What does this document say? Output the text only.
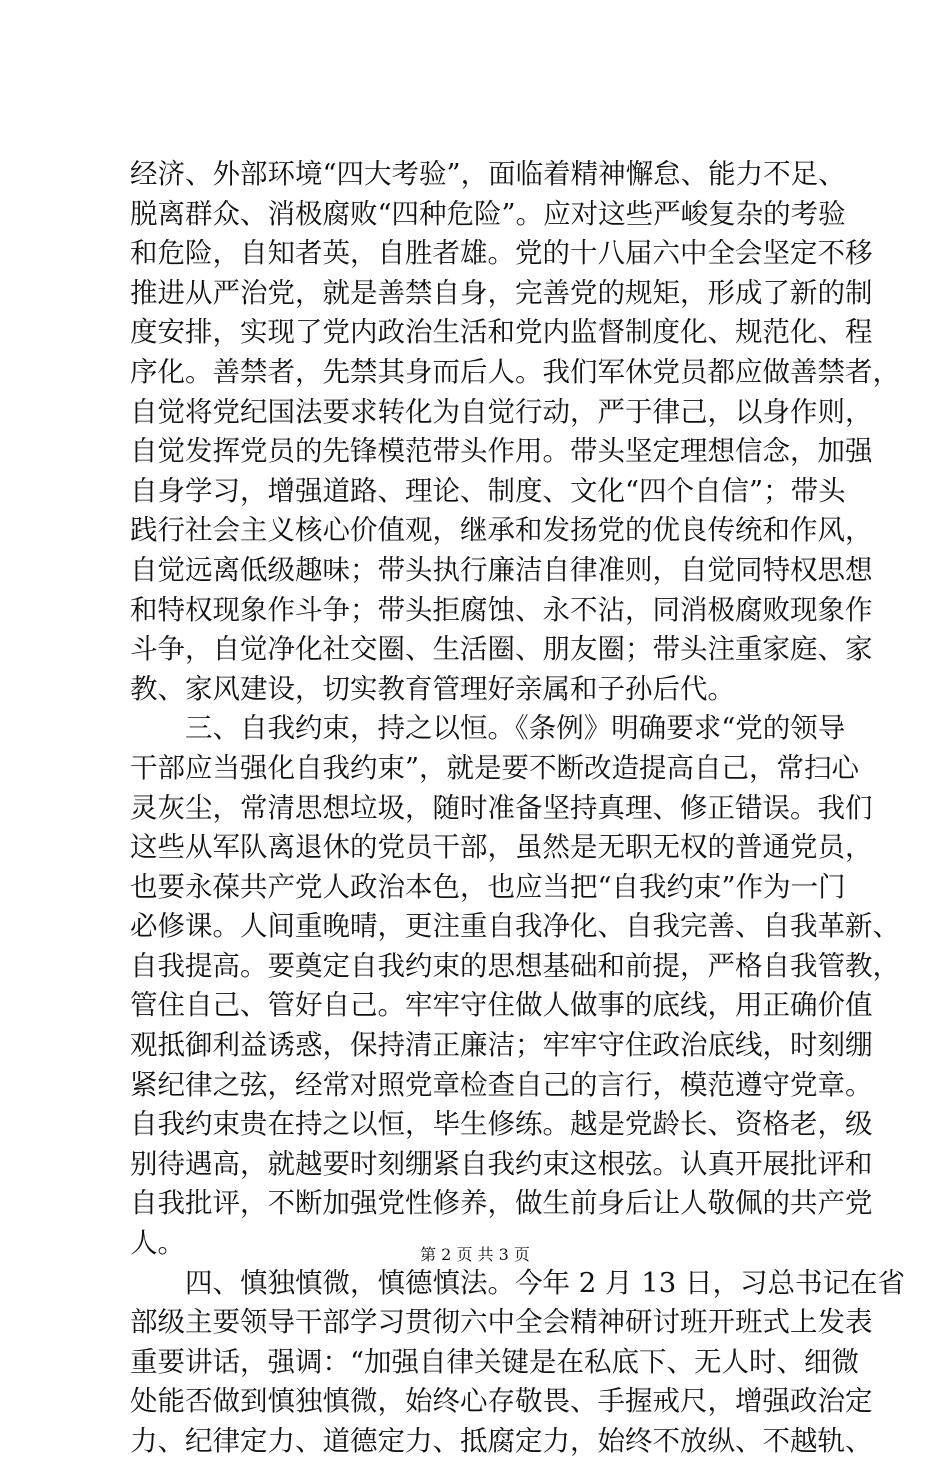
经济、外部环境“四大考验”，面临着精神懈怠、能力不足、
脱离群众、消极腐败“四种危险”。应对这些严峻复杂的考验
和危险，自知者英，自胜者雄。党的十八届六中全会坚定不移
推进从严治党，就是善禁自身，完善党的规矩，形成了新的制
度安排，实现了党内政治生活和党内监督制度化、规范化、程
序化。善禁者，先禁其身而后人。我们军休党员都应做善禁者，
自觉将党纪国法要求转化为自觉行动，严于律己，以身作则，
自觉发挥党员的先锋模范带头作用。带头坚定理想信念，加强
自身学习，增强道路、理论、制度、文化“四个自信”；带头
践行社会主义核心价值观，继承和发扬党的优良传统和作风，
自觉远离低级趣味；带头执行廉洁自律准则，自觉同特权思想
和特权现象作斗争；带头拒腐蚀、永不沾，同消极腐败现象作
斗争，自觉净化社交圈、生活圈、朋友圈；带头注重家庭、家
教、家风建设，切实教育管理好亲属和子孙后代。
　　三、自我约束，持之以恒。《条例》明确要求“党的领导
干部应当强化自我约束”，就是要不断改造提高自己，常扫心
灵灰尘，常清思想垃圾，随时准备坚持真理、修正错误。我们
这些从军队离退休的党员干部，虽然是无职无权的普通党员，
也要永葆共产党人政治本色，也应当把“自我约束”作为一门
必修课。人间重晚晴，更注重自我净化、自我完善、自我革新、
自我提高。要奠定自我约束的思想基础和前提，严格自我管教，
管住自己、管好自己。牢牢守住做人做事的底线，用正确价值
观抵御利益诱惑，保持清正廉洁；牢牢守住政治底线，时刻绷
紧纪律之弦，经常对照党章检查自己的言行，模范遵守党章。
自我约束贵在持之以恒，毕生修练。越是党龄长、资格老，级
别待遇高，就越要时刻绷紧自我约束这根弦。认真开展批评和
自我批评，不断加强党性修养，做生前身后让人敬佩的共产党
人。
　　四、慎独慎微，慎德慎法。今年 2 月 13 日，习总书记在省
部级主要领导干部学习贯彻六中全会精神研讨班开班式上发表
重要讲话，强调：“加强自律关键是在私底下、无人时、细微
处能否做到慎独慎微，始终心存敬畏、手握戒尺，增强政治定
力、纪律定力、道德定力、抵腐定力，始终不放纵、不越轨、
第 2 页 共 3 页
